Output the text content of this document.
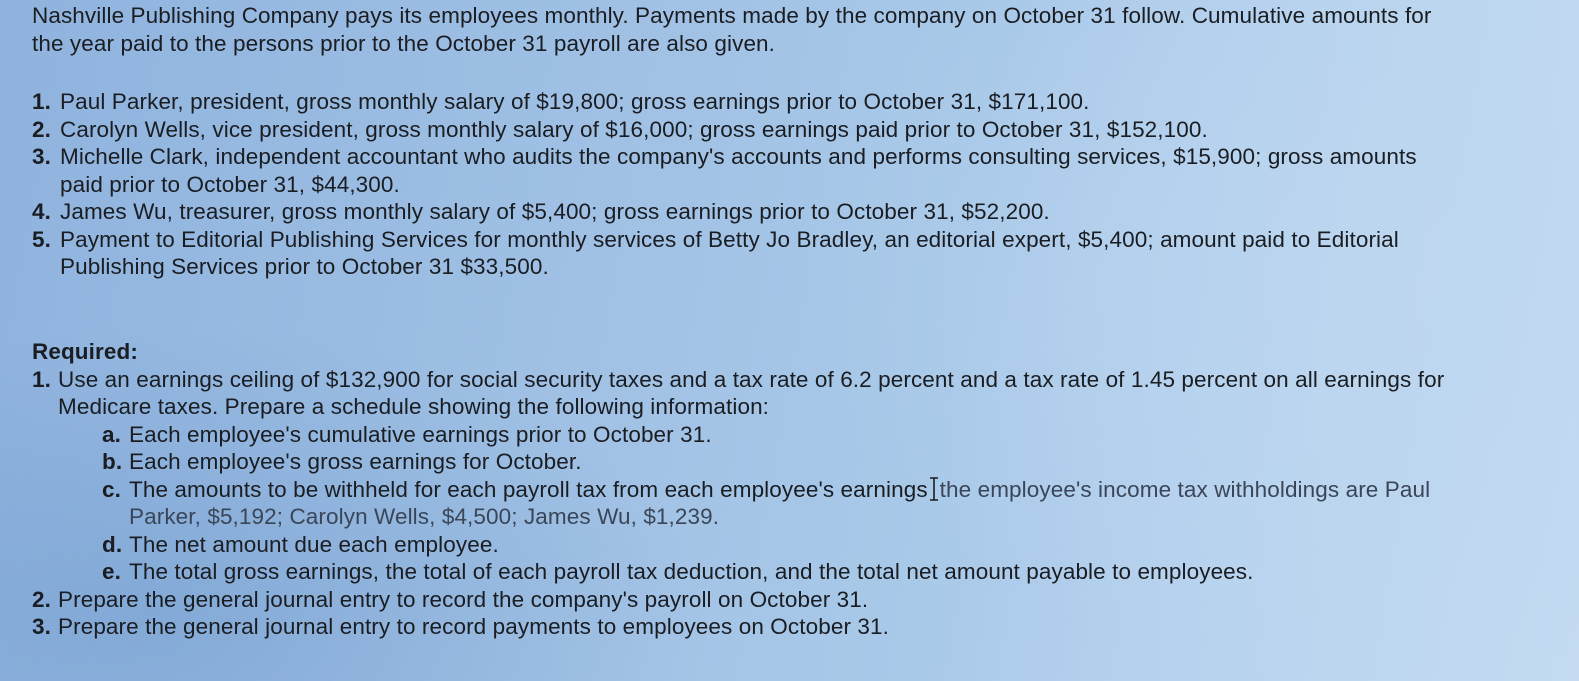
Nashville Publishing Company pays its employees monthly. Payments made by the company on October 31 follow. Cumulative amounts for the year paid to the persons prior to the October 31 payroll are also given.

1. Paul Parker, president, gross monthly salary of $19,800; gross earnings prior to October 31, $171,100.
2. Carolyn Wells, vice president, gross monthly salary of $16,000; gross earnings paid prior to October 31, $152,100.
3. Michelle Clark, independent accountant who audits the company's accounts and performs consulting services, $15,900; gross amounts paid prior to October 31, $44,300.
4. James Wu, treasurer, gross monthly salary of $5,400; gross earnings prior to October 31, $52,200.
5. Payment to Editorial Publishing Services for monthly services of Betty Jo Bradley, an editorial expert, $5,400; amount paid to Editorial Publishing Services prior to October 31 $33,500.

Required:

1. Use an earnings ceiling of $132,900 for social security taxes and a tax rate of 6.2 percent and a tax rate of 1.45 percent on all earnings for Medicare taxes. Prepare a schedule showing the following information:
a. Each employee's cumulative earnings prior to October 31.
b. Each employee's gross earnings for October.
c. The amounts to be withheld for each payroll tax from each employee's earnings the employee's income tax withholdings are Paul Parker, $5,192; Carolyn Wells, $4,500; James Wu, $1,239.
d. The net amount due each employee.
e. The total gross earnings, the total of each payroll tax deduction, and the total net amount payable to employees.
2. Prepare the general journal entry to record the company's payroll on October 31.
3. Prepare the general journal entry to record payments to employees on October 31.
